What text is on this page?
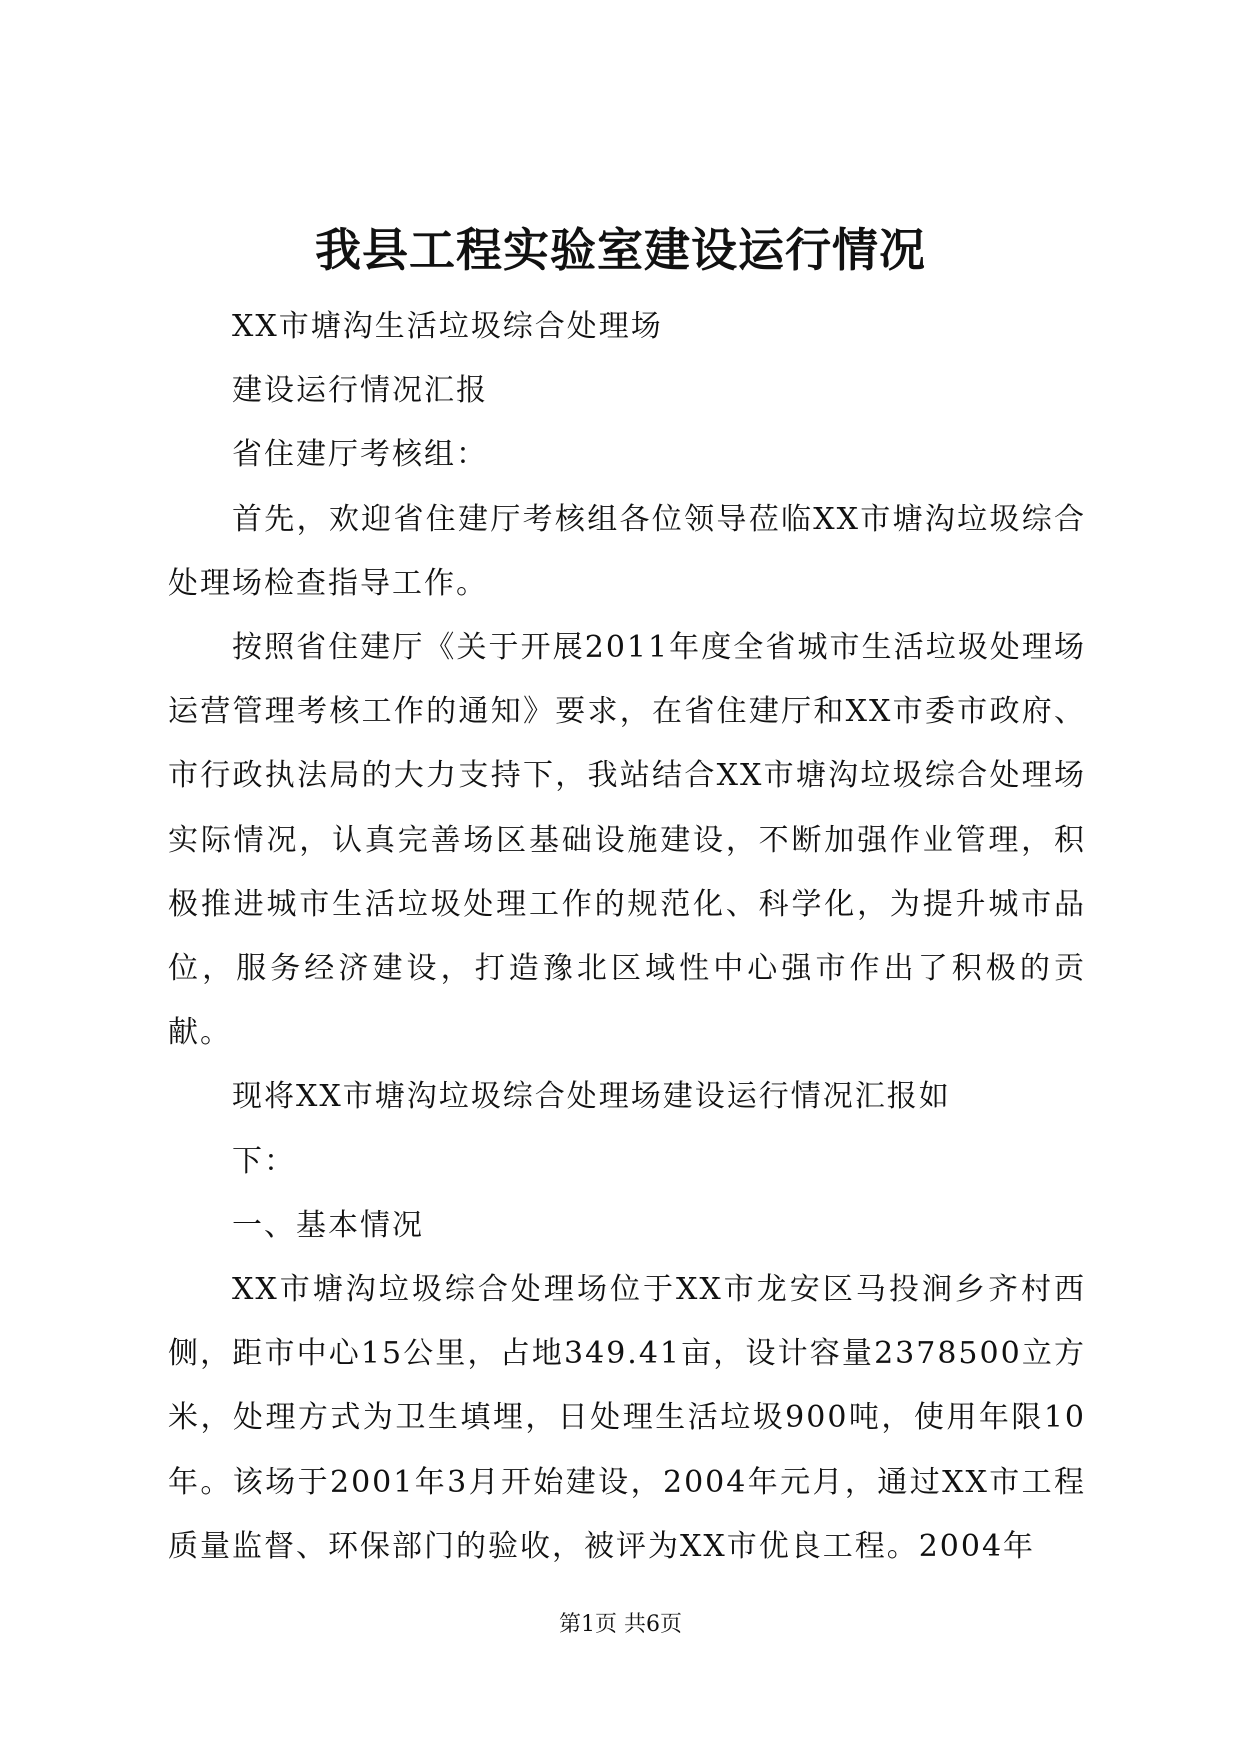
我县工程实验室建设运行情况

XX市塘沟生活垃圾综合处理场

建设运行情况汇报

省住建厅考核组：

首先，欢迎省住建厅考核组各位领导莅临XX市塘沟垃圾综合处理场检查指导工作。

按照省住建厅《关于开展2011年度全省城市生活垃圾处理场运营管理考核工作的通知》要求，在省住建厅和XX市委市政府、市行政执法局的大力支持下，我站结合XX市塘沟垃圾综合处理场实际情况，认真完善场区基础设施建设，不断加强作业管理，积极推进城市生活垃圾处理工作的规范化、科学化，为提升城市品位，服务经济建设，打造豫北区域性中心强市作出了积极的贡献。

现将XX市塘沟垃圾综合处理场建设运行情况汇报如

下：

一、基本情况

XX市塘沟垃圾综合处理场位于XX市龙安区马投涧乡齐村西侧，距市中心15公里，占地349.41亩，设计容量2378500立方米，处理方式为卫生填埋，日处理生活垃圾900吨，使用年限10年。该场于2001年3月开始建设，2004年元月，通过XX市工程质量监督、环保部门的验收，被评为XX市优良工程。2004年

第1页 共6页
